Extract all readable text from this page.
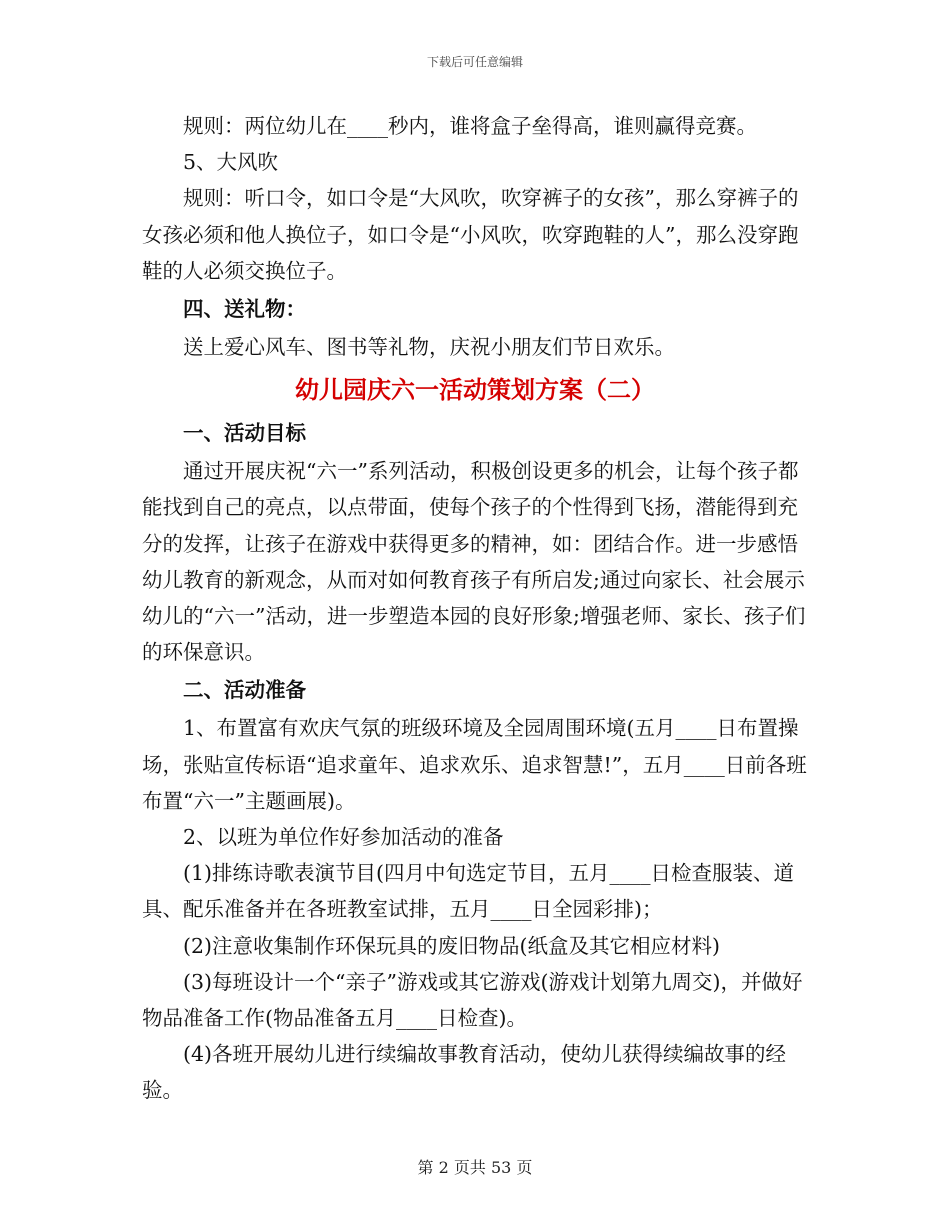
下载后可任意编辑

规则：两位幼儿在____秒内，谁将盒子垒得高，谁则赢得竞赛。

5、大风吹

规则：听口令，如口令是“大风吹，吹穿裤子的女孩”，那么穿裤子的女孩必须和他人换位子，如口令是“小风吹，吹穿跑鞋的人”，那么没穿跑鞋的人必须交换位子。

四、送礼物：

送上爱心风车、图书等礼物，庆祝小朋友们节日欢乐。

幼儿园庆六一活动策划方案（二）

一、活动目标

通过开展庆祝“六一”系列活动，积极创设更多的机会，让每个孩子都能找到自己的亮点，以点带面，使每个孩子的个性得到飞扬，潜能得到充分的发挥，让孩子在游戏中获得更多的精神，如：团结合作。进一步感悟幼儿教育的新观念，从而对如何教育孩子有所启发;通过向家长、社会展示幼儿的“六一”活动，进一步塑造本园的良好形象;增强老师、家长、孩子们的环保意识。

二、活动准备

1、布置富有欢庆气氛的班级环境及全园周围环境(五月____日布置操场，张贴宣传标语“追求童年、追求欢乐、追求智慧!”，五月____日前各班布置“六一”主题画展)。

2、以班为单位作好参加活动的准备

(1)排练诗歌表演节目(四月中旬选定节目，五月____日检查服装、道具、配乐准备并在各班教室试排，五月____日全园彩排)；

(2)注意收集制作环保玩具的废旧物品(纸盒及其它相应材料)

(3)每班设计一个“亲子”游戏或其它游戏(游戏计划第九周交)，并做好物品准备工作(物品准备五月____日检查)。

(4)各班开展幼儿进行续编故事教育活动，使幼儿获得续编故事的经验。

第 2 页共 53 页
